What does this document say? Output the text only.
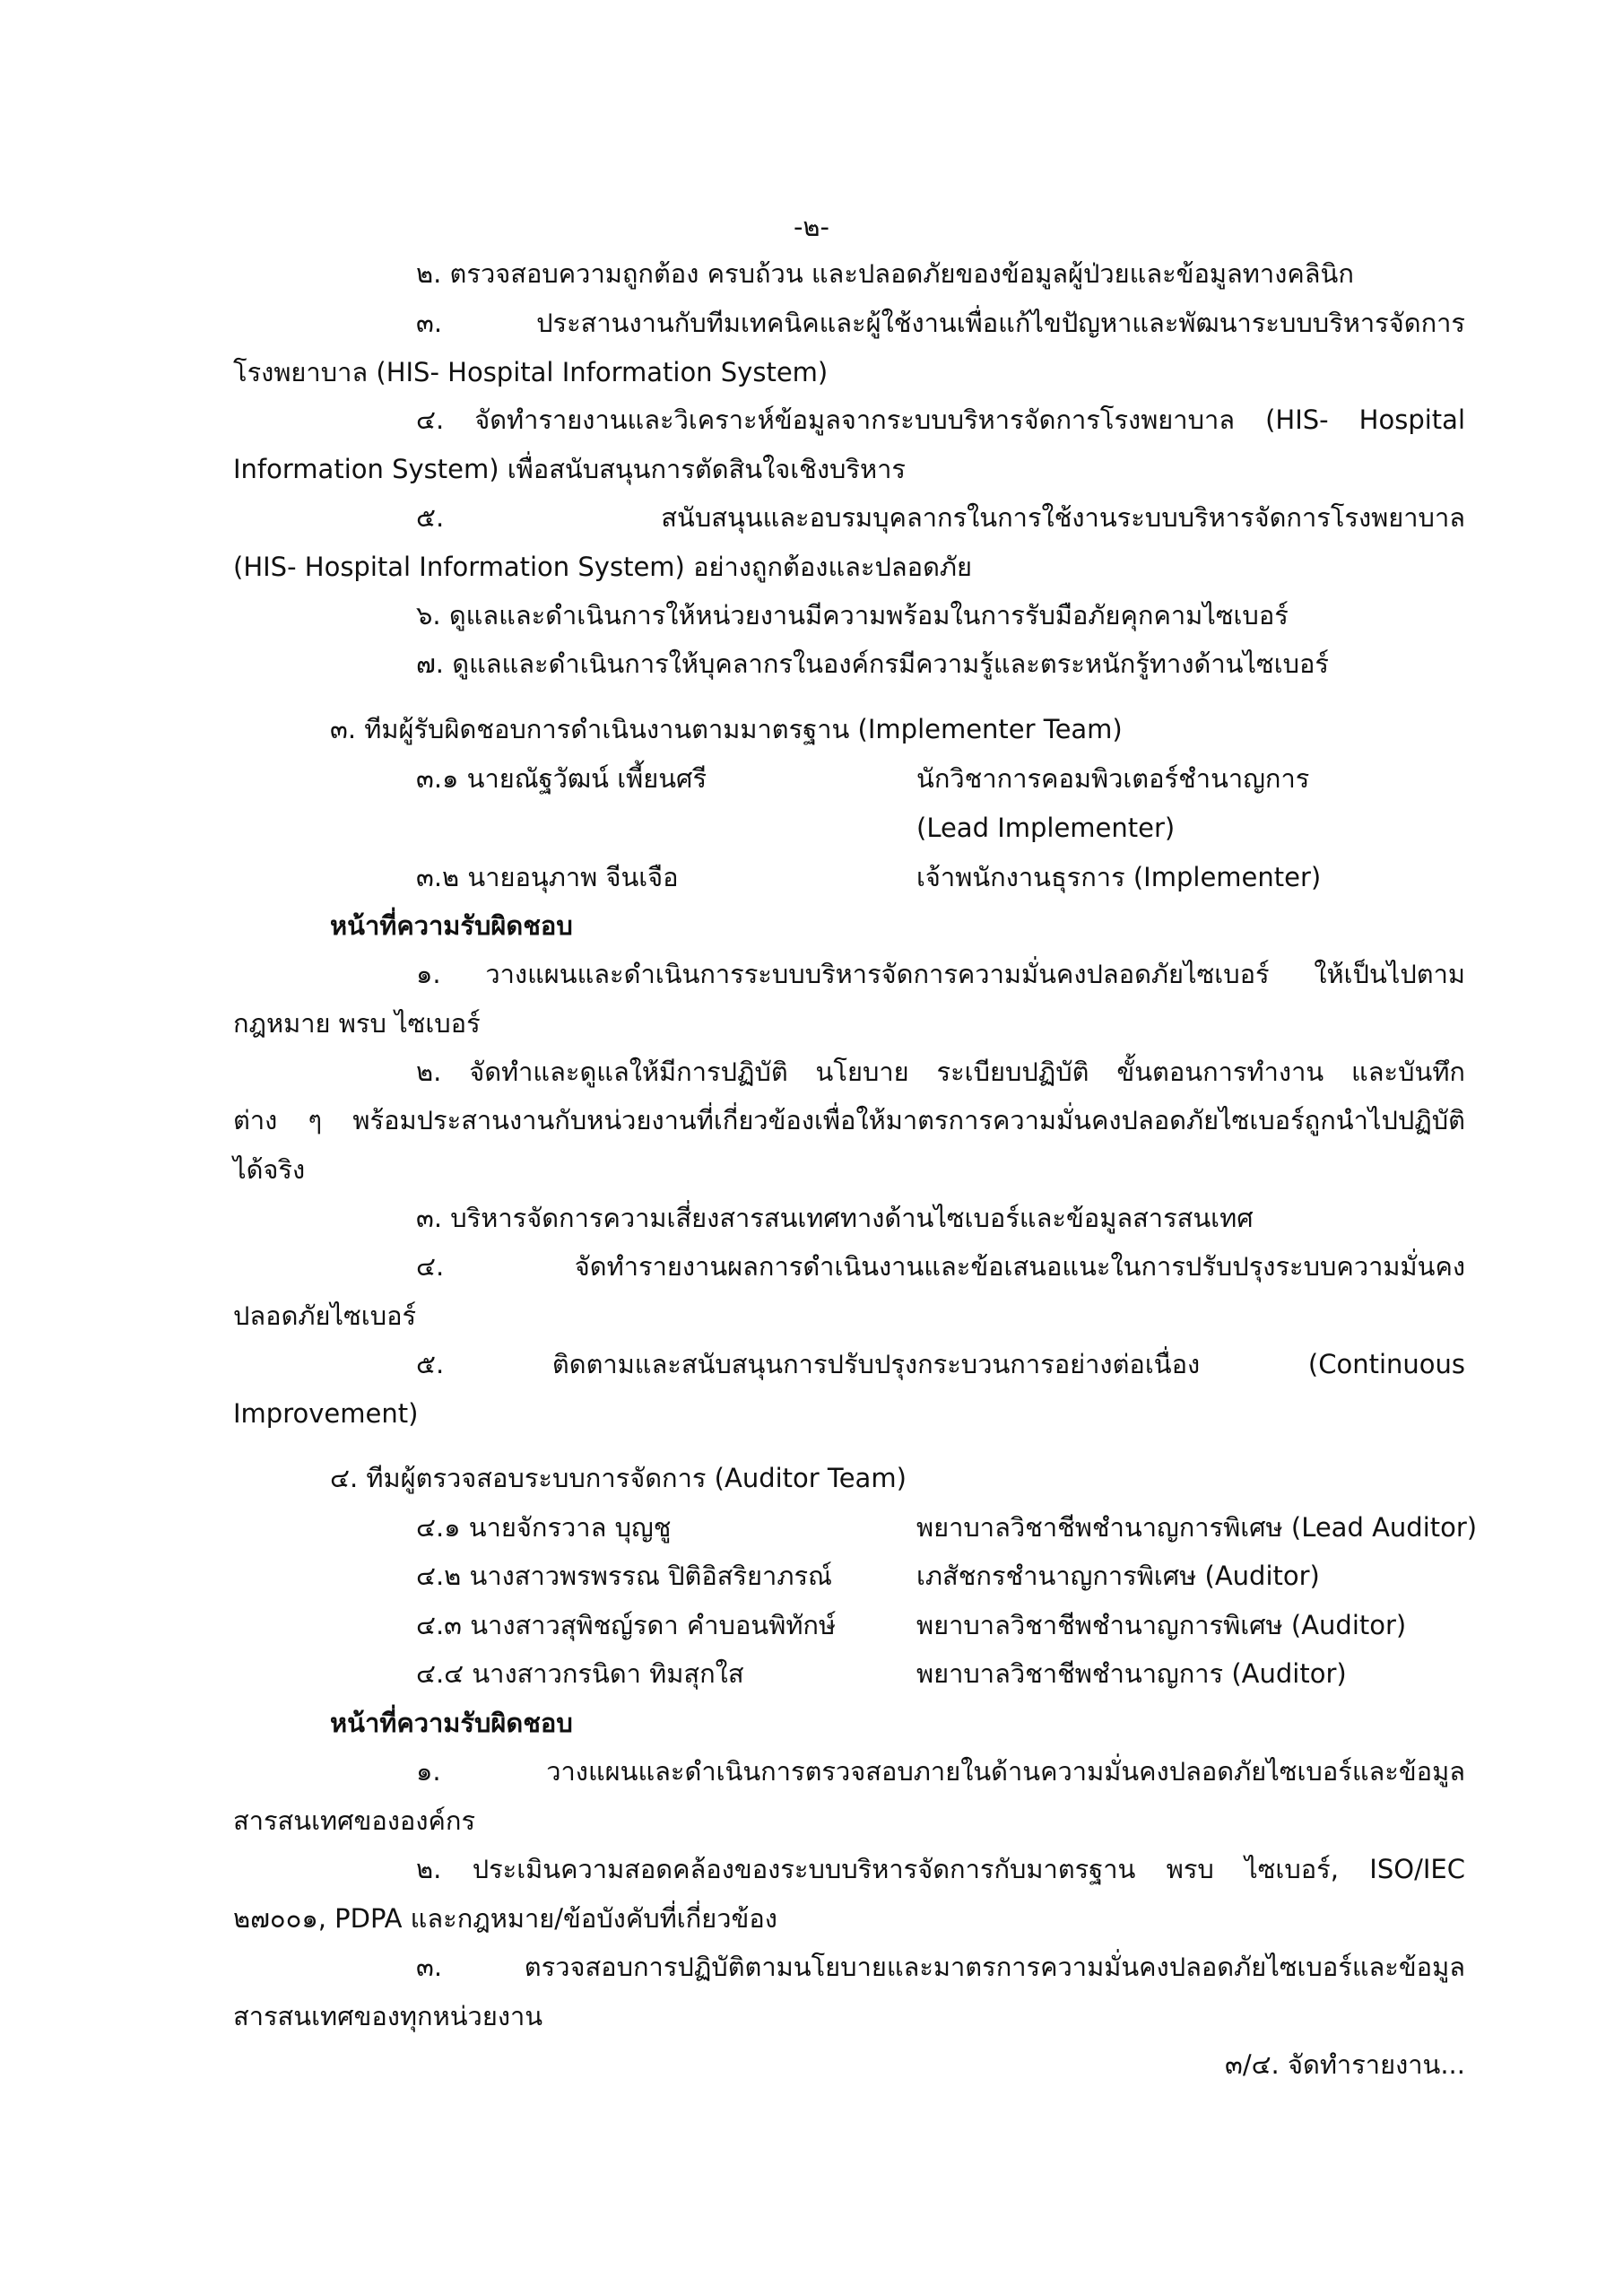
-๒-
๒. ตรวจสอบความถูกต้อง ครบถ้วน และปลอดภัยของข้อมูลผู้ป่วยและข้อมูลทางคลินิก
๓. ประสานงานกับทีมเทคนิคและผู้ใช้งานเพื่อแก้ไขปัญหาและพัฒนาระบบบริหารจัดการ
โรงพยาบาล (HIS- Hospital Information System)
๔. จัดทำรายงานและวิเคราะห์ข้อมูลจากระบบบริหารจัดการโรงพยาบาล (HIS- Hospital
Information System) เพื่อสนับสนุนการตัดสินใจเชิงบริหาร
๕. สนับสนุนและอบรมบุคลากรในการใช้งานระบบบริหารจัดการโรงพยาบาล
(HIS- Hospital Information System) อย่างถูกต้องและปลอดภัย
๖. ดูแลและดำเนินการให้หน่วยงานมีความพร้อมในการรับมือภัยคุกคามไซเบอร์
๗. ดูแลและดำเนินการให้บุคลากรในองค์กรมีความรู้และตระหนักรู้ทางด้านไซเบอร์
๓. ทีมผู้รับผิดชอบการดำเนินงานตามมาตรฐาน (Implementer Team)
๓.๑ นายณัฐวัฒน์ เพี้ยนศรี	นักวิชาการคอมพิวเตอร์ชำนาญการ
(Lead Implementer)
๓.๒ นายอนุภาพ จีนเจือ	เจ้าพนักงานธุรการ (Implementer)
หน้าที่ความรับผิดชอบ
๑. วางแผนและดำเนินการระบบบริหารจัดการความมั่นคงปลอดภัยไซเบอร์ ให้เป็นไปตาม
กฎหมาย พรบ ไซเบอร์
๒. จัดทำและดูแลให้มีการปฏิบัติ นโยบาย ระเบียบปฏิบัติ ขั้นตอนการทำงาน และบันทึก
ต่าง ๆ พร้อมประสานงานกับหน่วยงานที่เกี่ยวข้องเพื่อให้มาตรการความมั่นคงปลอดภัยไซเบอร์ถูกนำไปปฏิบัติ
ได้จริง
๓. บริหารจัดการความเสี่ยงสารสนเทศทางด้านไซเบอร์และข้อมูลสารสนเทศ
๔. จัดทำรายงานผลการดำเนินงานและข้อเสนอแนะในการปรับปรุงระบบความมั่นคง
ปลอดภัยไซเบอร์
๕. ติดตามและสนับสนุนการปรับปรุงกระบวนการอย่างต่อเนื่อง (Continuous
Improvement)
๔. ทีมผู้ตรวจสอบระบบการจัดการ (Auditor Team)
๔.๑ นายจักรวาล บุญชู	พยาบาลวิชาชีพชำนาญการพิเศษ (Lead Auditor)
๔.๒ นางสาวพรพรรณ ปิติอิสริยาภรณ์	เภสัชกรชำนาญการพิเศษ (Auditor)
๔.๓ นางสาวสุพิชญ์รดา คำบอนพิทักษ์	พยาบาลวิชาชีพชำนาญการพิเศษ (Auditor)
๔.๔ นางสาวกรนิดา ทิมสุกใส	พยาบาลวิชาชีพชำนาญการ (Auditor)
หน้าที่ความรับผิดชอบ
๑. วางแผนและดำเนินการตรวจสอบภายในด้านความมั่นคงปลอดภัยไซเบอร์และข้อมูล
สารสนเทศขององค์กร
๒. ประเมินความสอดคล้องของระบบบริหารจัดการกับมาตรฐาน พรบ ไซเบอร์, ISO/IEC
๒๗๐๐๑, PDPA และกฎหมาย/ข้อบังคับที่เกี่ยวข้อง
๓. ตรวจสอบการปฏิบัติตามนโยบายและมาตรการความมั่นคงปลอดภัยไซเบอร์และข้อมูล
สารสนเทศของทุกหน่วยงาน
๓/๔. จัดทำรายงาน...
